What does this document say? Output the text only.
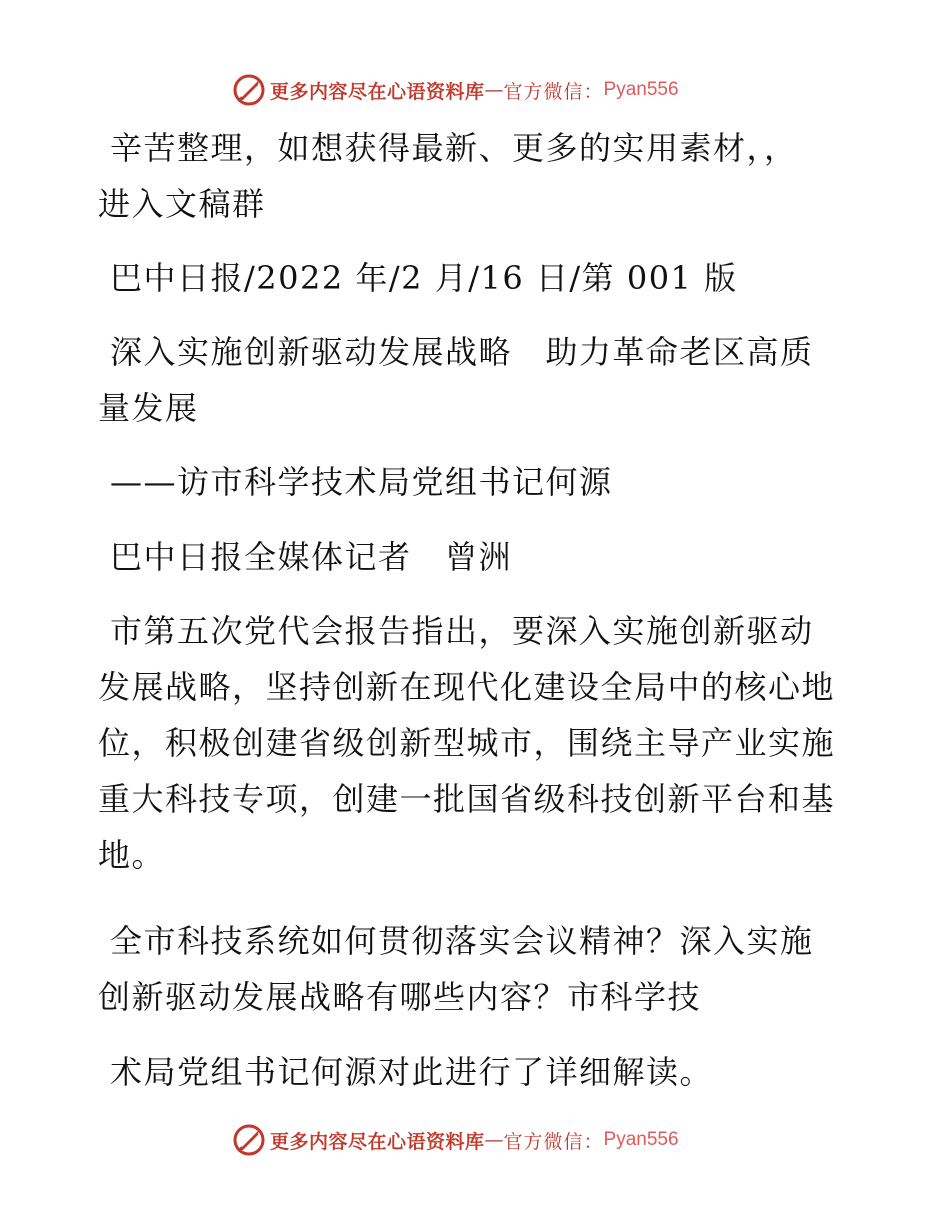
更多内容尽在心语资料库 — 官方微信： Pyan556
辛苦整理，如想获得最新、更多的实用素材，，
进入文稿群
巴中日报/2022 年/2 月/16 日/第 001 版
深入实施创新驱动发展战略　助力革命老区高质
量发展
——访市科学技术局党组书记何源
巴中日报全媒体记者　曾洲
市第五次党代会报告指出，要深入实施创新驱动
发展战略，坚持创新在现代化建设全局中的核心地
位，积极创建省级创新型城市，围绕主导产业实施
重大科技专项，创建一批国省级科技创新平台和基
地。
全市科技系统如何贯彻落实会议精神？深入实施
创新驱动发展战略有哪些内容？市科学技
术局党组书记何源对此进行了详细解读。
更多内容尽在心语资料库 — 官方微信： Pyan556
